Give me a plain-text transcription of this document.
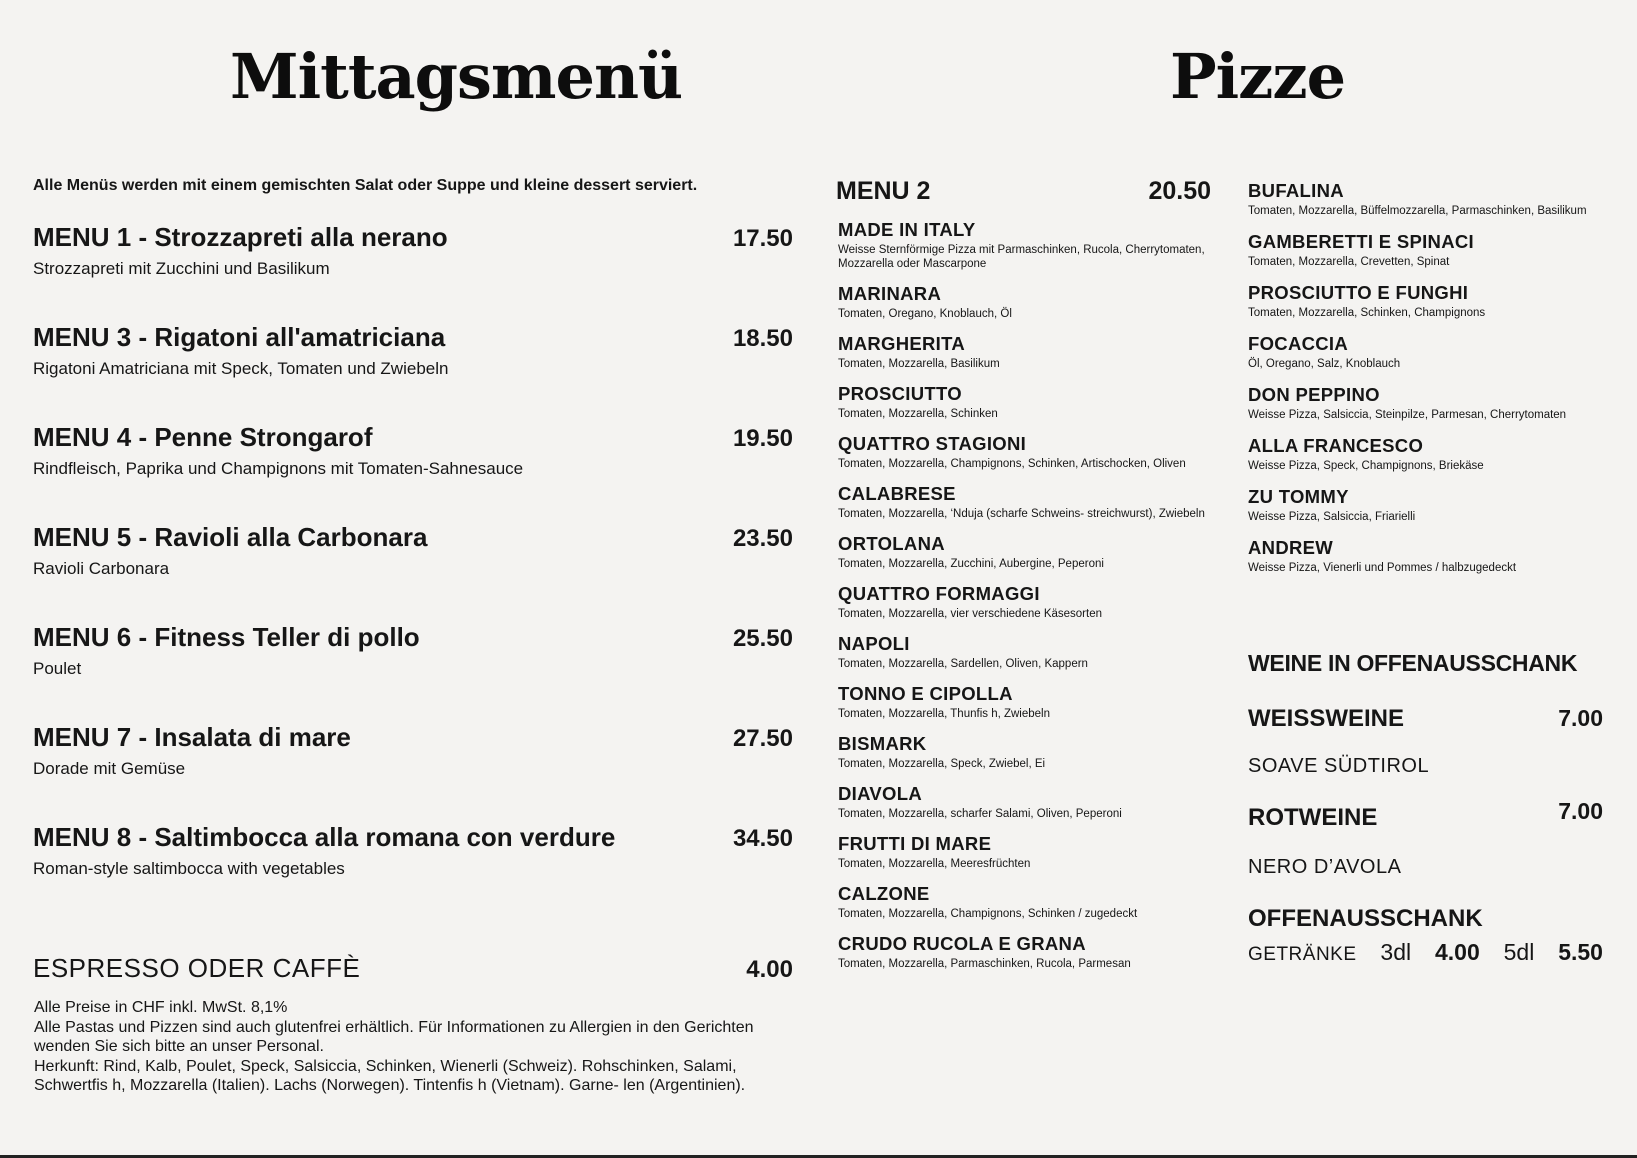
Mittagsmenü	Pizze
Alle Menüs werden mit einem gemischten Salat oder Suppe und kleine dessert serviert.
MENU 1 - Strozzapreti alla nerano	17.50
Strozzapreti mit Zucchini und Basilikum
MENU 3 - Rigatoni all'amatriciana	18.50
Rigatoni Amatriciana mit Speck, Tomaten und Zwiebeln
MENU 4 - Penne Strongarof	19.50
Rindfleisch, Paprika und Champignons mit Tomaten-Sahnesauce
MENU 5 - Ravioli alla Carbonara	23.50
Ravioli Carbonara
MENU 6 - Fitness Teller di pollo	25.50
Poulet
MENU 7 - Insalata di mare	27.50
Dorade mit Gemüse
MENU 8 - Saltimbocca alla romana con verdure	34.50
Roman-style saltimbocca with vegetables
ESPRESSO ODER CAFFÈ	4.00
Alle Preise in CHF inkl. MwSt. 8,1%
Alle Pastas und Pizzen sind auch glutenfrei erhältlich. Für Informationen zu Allergien in den Gerichten wenden Sie sich bitte an unser Personal.
Herkunft: Rind, Kalb, Poulet, Speck, Salsiccia, Schinken, Wienerli (Schweiz). Rohschinken, Salami, Schwertfis h, Mozzarella (Italien). Lachs (Norwegen). Tintenfis h (Vietnam). Garne- len (Argentinien).
MENU 2	20.50
MADE IN ITALY
Weisse Sternförmige Pizza mit Parmaschinken, Rucola, Cherrytomaten, Mozzarella oder Mascarpone
MARINARA
Tomaten, Oregano, Knoblauch, Öl
MARGHERITA
Tomaten, Mozzarella, Basilikum
PROSCIUTTO
Tomaten, Mozzarella, Schinken
QUATTRO STAGIONI
Tomaten, Mozzarella, Champignons, Schinken, Artischocken, Oliven
CALABRESE
Tomaten, Mozzarella, ‘Nduja (scharfe Schweins- streichwurst), Zwiebeln
ORTOLANA
Tomaten, Mozzarella, Zucchini, Aubergine, Peperoni
QUATTRO FORMAGGI
Tomaten, Mozzarella, vier verschiedene Käsesorten
NAPOLI
Tomaten, Mozzarella, Sardellen, Oliven, Kappern
TONNO E CIPOLLA
Tomaten, Mozzarella, Thunfis h, Zwiebeln
BISMARK
Tomaten, Mozzarella, Speck, Zwiebel, Ei
DIAVOLA
Tomaten, Mozzarella, scharfer Salami, Oliven, Peperoni
FRUTTI DI MARE
Tomaten, Mozzarella, Meeresfrüchten
CALZONE
Tomaten, Mozzarella, Champignons, Schinken / zugedeckt
CRUDO RUCOLA E GRANA
Tomaten, Mozzarella, Parmaschinken, Rucola, Parmesan
BUFALINA
Tomaten, Mozzarella, Büffelmozzarella, Parmaschinken, Basilikum
GAMBERETTI E SPINACI
Tomaten, Mozzarella, Crevetten, Spinat
PROSCIUTTO E FUNGHI
Tomaten, Mozzarella, Schinken, Champignons
FOCACCIA
Öl, Oregano, Salz, Knoblauch
DON PEPPINO
Weisse Pizza, Salsiccia, Steinpilze, Parmesan, Cherrytomaten
ALLA FRANCESCO
Weisse Pizza, Speck, Champignons, Briekäse
ZU TOMMY
Weisse Pizza, Salsiccia, Friarielli
ANDREW
Weisse Pizza, Vienerli und Pommes / halbzugedeckt
WEINE IN OFFENAUSSCHANK
WEISSWEINE	7.00
SOAVE SÜDTIROL
ROTWEINE	7.00
NERO D’AVOLA
OFFENAUSSCHANK
GETRÄNKE 3dl 4.00 5dl 5.50
